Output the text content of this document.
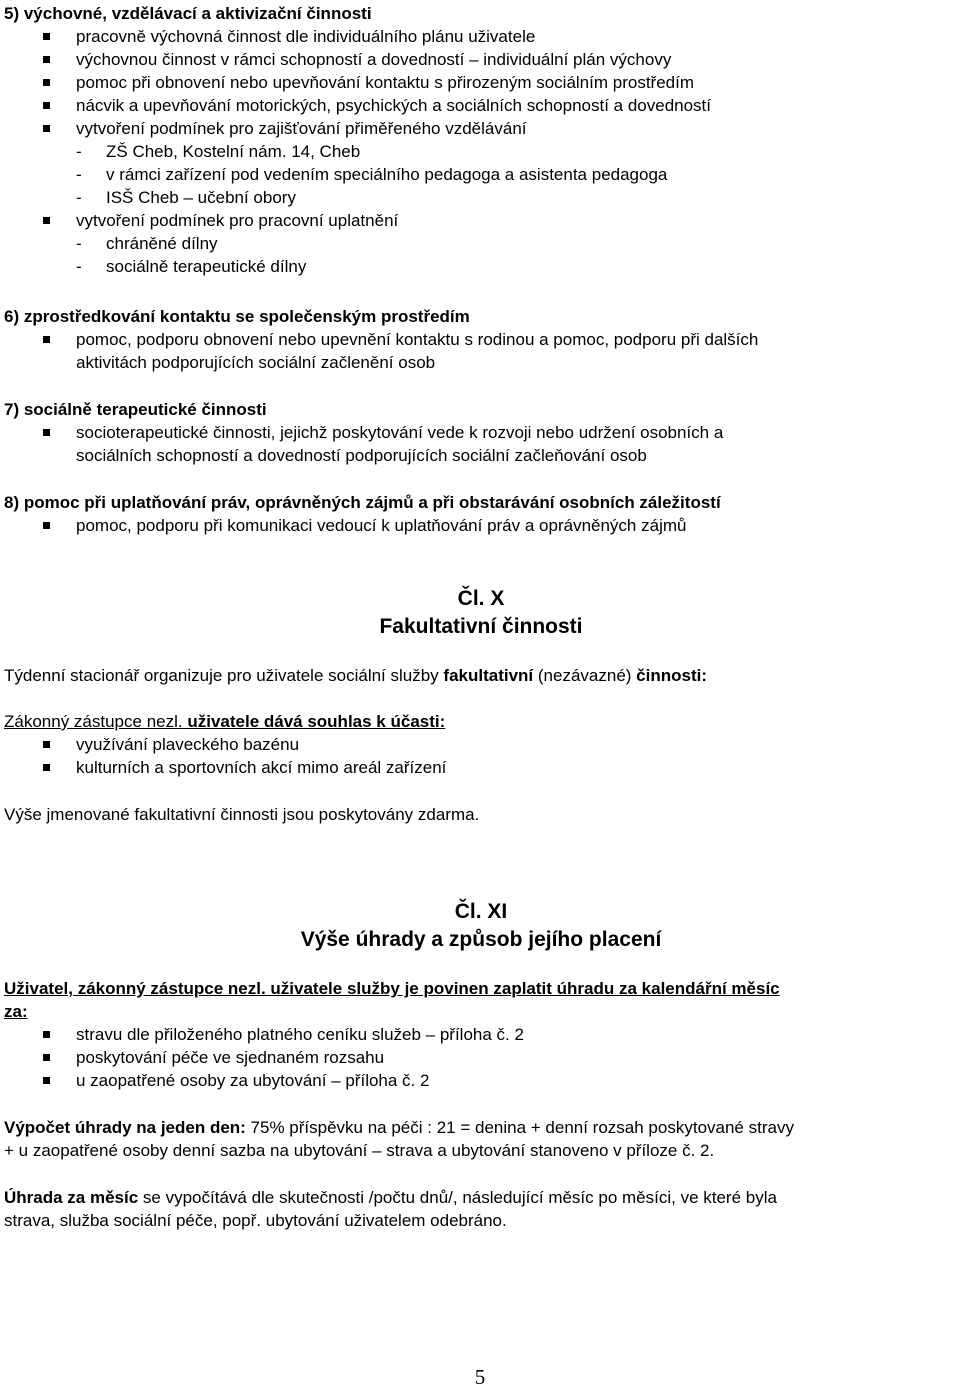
5) výchovné, vzdělávací a aktivizační činnosti
pracovně výchovná činnost dle individuálního plánu uživatele
výchovnou činnost v rámci schopností a dovedností – individuální plán výchovy
pomoc při obnovení nebo upevňování kontaktu s přirozeným sociálním prostředím
nácvik a upevňování motorických, psychických a sociálních schopností a dovedností
vytvoření podmínek pro zajišťování přiměřeného vzdělávání
- ZŠ Cheb, Kostelní nám. 14, Cheb
- v rámci zařízení pod vedením speciálního pedagoga a asistenta pedagoga
- ISŠ Cheb – učební obory
vytvoření podmínek pro pracovní uplatnění
- chráněné dílny
- sociálně terapeutické dílny
6) zprostředkování kontaktu se společenským prostředím
pomoc, podporu obnovení nebo upevnění kontaktu s rodinou a pomoc, podporu při dalších
aktivitách podporujících sociální začlenění osob
7) sociálně terapeutické činnosti
socioterapeutické činnosti, jejichž poskytování vede k rozvoji nebo udržení osobních a
sociálních schopností a dovedností podporujících sociální začleňování osob
8) pomoc při uplatňování práv, oprávněných zájmů a při obstarávání osobních záležitostí
pomoc, podporu při komunikaci vedoucí k uplatňování práv a oprávněných zájmů
Čl. X
Fakultativní činnosti
Týdenní stacionář organizuje pro uživatele sociální služby fakultativní (nezávazné) činnosti:
Zákonný zástupce nezl. uživatele dává souhlas k účasti:
využívání plaveckého bazénu
kulturních a sportovních akcí mimo areál zařízení
Výše jmenované fakultativní činnosti jsou poskytovány zdarma.
Čl. XI
Výše úhrady a způsob jejího placení
Uživatel, zákonný zástupce nezl. uživatele služby je povinen zaplatit úhradu za kalendářní měsíc
za:
stravu dle přiloženého platného ceníku služeb – příloha č. 2
poskytování péče ve sjednaném rozsahu
u zaopatřené osoby za ubytování – příloha č. 2
Výpočet úhrady na jeden den: 75% příspěvku na péči : 21 = denina + denní rozsah poskytované stravy
+ u zaopatřené osoby denní sazba na ubytování – strava a ubytování stanoveno v příloze č. 2.
Úhrada za měsíc se vypočítává dle skutečnosti /počtu dnů/, následující měsíc po měsíci, ve které byla
strava, služba sociální péče, popř. ubytování uživatelem odebráno.
5
